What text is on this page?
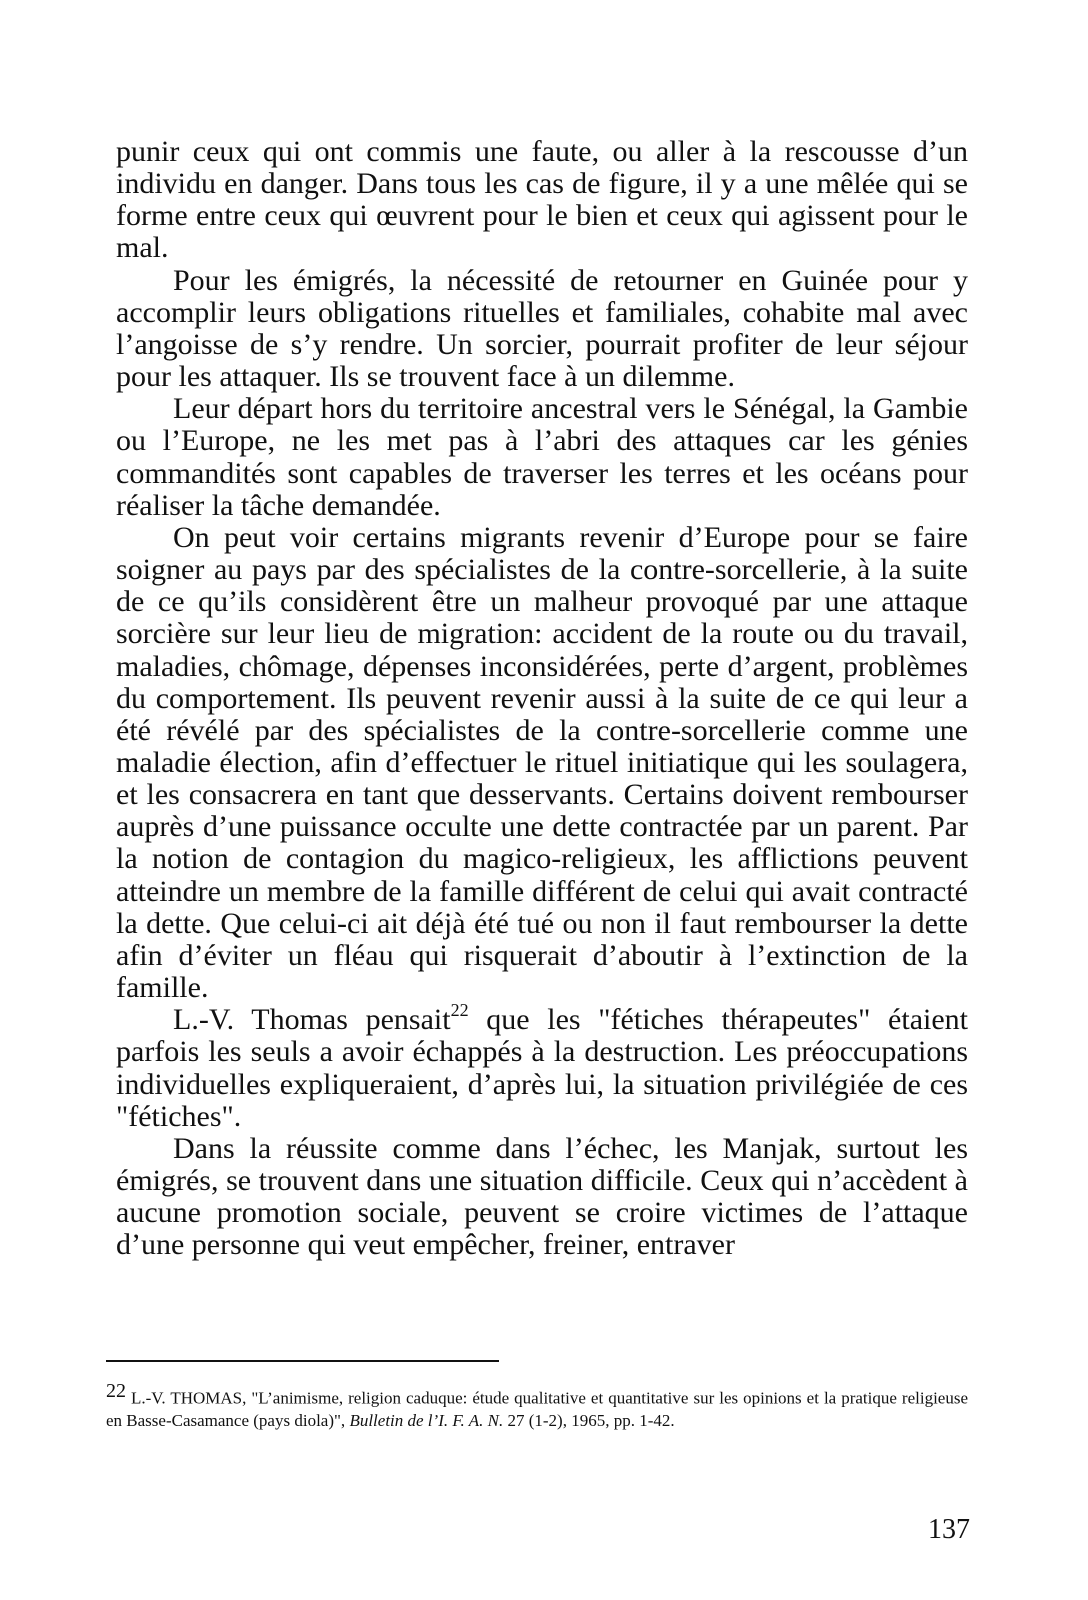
punir ceux qui ont commis une faute, ou aller à la rescousse d’un individu en danger. Dans tous les cas de figure, il y a une mêlée qui se forme entre ceux qui œuvrent pour le bien et ceux qui agissent pour le mal.

Pour les émigrés, la nécessité de retourner en Guinée pour y accomplir leurs obligations rituelles et familiales, cohabite mal avec l’angoisse de s’y rendre. Un sorcier, pourrait profiter de leur séjour pour les attaquer. Ils se trouvent face à un dilemme.

Leur départ hors du territoire ancestral vers le Sénégal, la Gambie ou l’Europe, ne les met pas à l’abri des attaques car les génies commandités sont capables de traverser les terres et les océans pour réaliser la tâche demandée.

On peut voir certains migrants revenir d’Europe pour se faire soigner au pays par des spécialistes de la contre-sorcellerie, à la suite de ce qu’ils considèrent être un malheur provoqué par une attaque sorcière sur leur lieu de migration: accident de la route ou du travail, maladies, chômage, dépenses inconsidérées, perte d’argent, problèmes du comportement. Ils peuvent revenir aussi à la suite de ce qui leur a été révélé par des spécialistes de la contre-sorcellerie comme une maladie élection, afin d’effectuer le rituel initiatique qui les soulagera, et les consacrera en tant que desservants. Certains doivent rembourser auprès d’une puissance occulte une dette contractée par un parent. Par la notion de contagion du magico-religieux, les afflictions peuvent atteindre un membre de la famille différent de celui qui avait contracté la dette. Que celui-ci ait déjà été tué ou non il faut rembourser la dette afin d’éviter un fléau qui risquerait d’aboutir à l’extinction de la famille.

L.-V. Thomas pensait$^{22}$ que les "fétiches thérapeutes" étaient parfois les seuls a avoir échappés à la destruction. Les préoccupations individuelles expliqueraient, d’après lui, la situation privilégiée de ces "fétiches".

Dans la réussite comme dans l’échec, les Manjak, surtout les émigrés, se trouvent dans une situation difficile. Ceux qui n’accèdent à aucune promotion sociale, peuvent se croire victimes de l’attaque d’une personne qui veut empêcher, freiner, entraver

$^{22}$ L.-V. THOMAS, "L’animisme, religion caduque: étude qualitative et quantitative sur les opinions et la pratique religieuse en Basse-Casamance (pays diola)", Bulletin de l’I. F. A. N. 27 (1-2), 1965, pp. 1-42.

137
